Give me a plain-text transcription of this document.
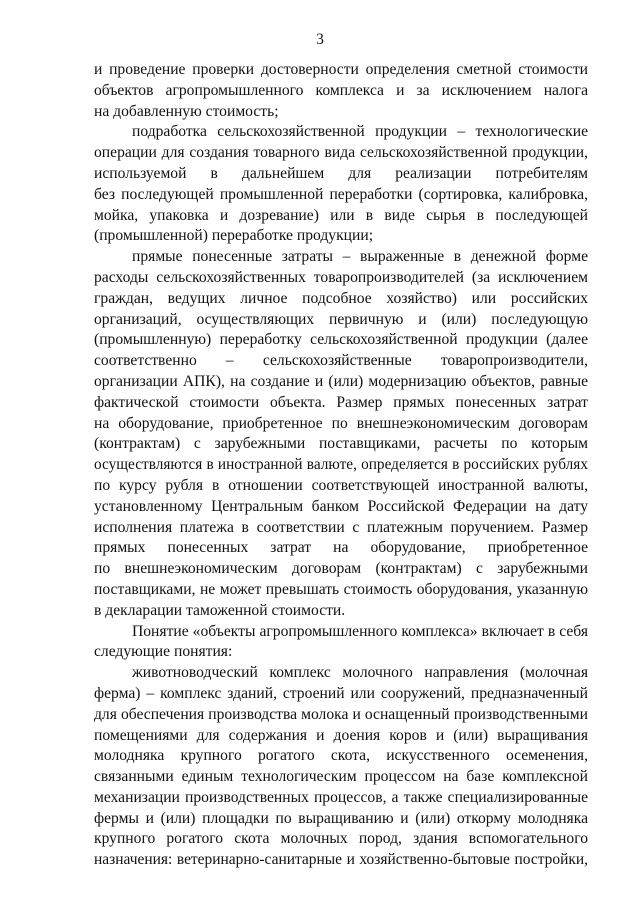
3
и проведение проверки достоверности определения сметной стоимости
объектов агропромышленного комплекса и за исключением налога
на добавленную стоимость;
подработка сельскохозяйственной продукции – технологические
операции для создания товарного вида сельскохозяйственной продукции,
используемой в дальнейшем для реализации потребителям
без последующей промышленной переработки (сортировка, калибровка,
мойка, упаковка и дозревание) или в виде сырья в последующей
(промышленной) переработке продукции;
прямые понесенные затраты – выраженные в денежной форме
расходы сельскохозяйственных товаропроизводителей (за исключением
граждан, ведущих личное подсобное хозяйство) или российских
организаций, осуществляющих первичную и (или) последующую
(промышленную) переработку сельскохозяйственной продукции (далее
соответственно – сельскохозяйственные товаропроизводители,
организации АПК), на создание и (или) модернизацию объектов, равные
фактической стоимости объекта. Размер прямых понесенных затрат
на оборудование, приобретенное по внешнеэкономическим договорам
(контрактам) с зарубежными поставщиками, расчеты по которым
осуществляются в иностранной валюте, определяется в российских рублях
по курсу рубля в отношении соответствующей иностранной валюты,
установленному Центральным банком Российской Федерации на дату
исполнения платежа в соответствии с платежным поручением. Размер
прямых понесенных затрат на оборудование, приобретенное
по внешнеэкономическим договорам (контрактам) с зарубежными
поставщиками, не может превышать стоимость оборудования, указанную
в декларации таможенной стоимости.
Понятие «объекты агропромышленного комплекса» включает в себя
следующие понятия:
животноводческий комплекс молочного направления (молочная
ферма) – комплекс зданий, строений или сооружений, предназначенный
для обеспечения производства молока и оснащенный производственными
помещениями для содержания и доения коров и (или) выращивания
молодняка крупного рогатого скота, искусственного осеменения,
связанными единым технологическим процессом на базе комплексной
механизации производственных процессов, а также специализированные
фермы и (или) площадки по выращиванию и (или) откорму молодняка
крупного рогатого скота молочных пород, здания вспомогательного
назначения: ветеринарно-санитарные и хозяйственно-бытовые постройки,
